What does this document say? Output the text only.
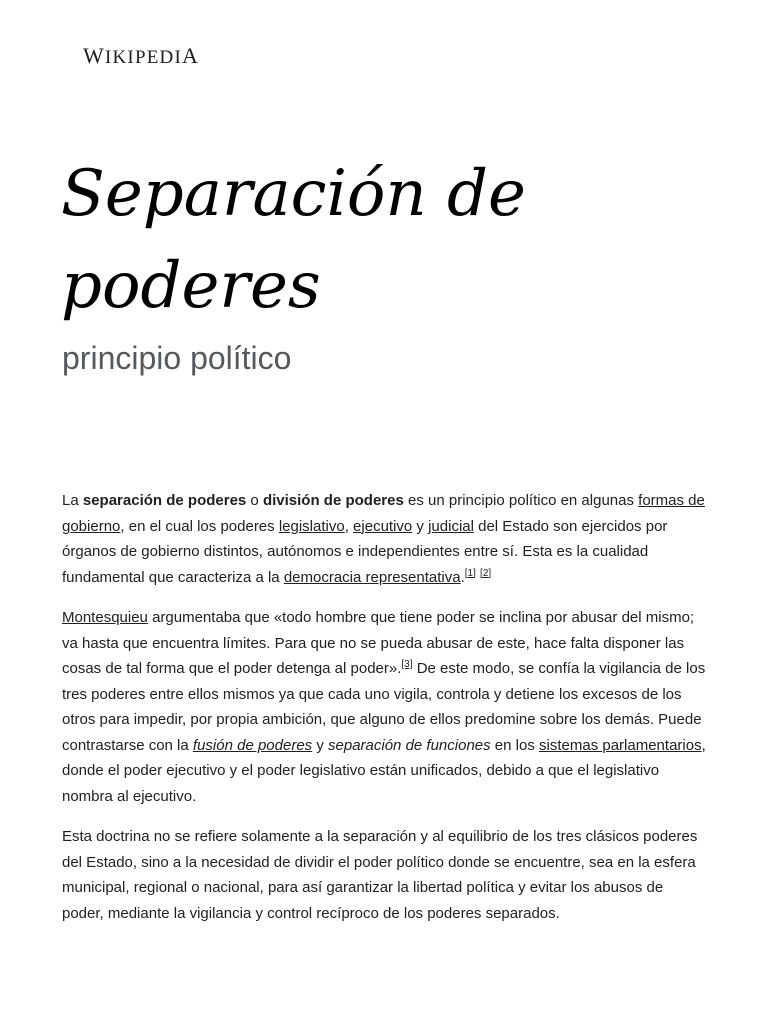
WIKIPEDIA
Separación de
poderes
principio político

La separación de poderes o división de poderes es un principio político en algunas formas de gobierno, en el cual los poderes legislativo, ejecutivo y judicial del Estado son ejercidos por órganos de gobierno distintos, autónomos e independientes entre sí. Esta es la cualidad fundamental que caracteriza a la democracia representativa.[1] [2]

Montesquieu argumentaba que «todo hombre que tiene poder se inclina por abusar del mismo; va hasta que encuentra límites. Para que no se pueda abusar de este, hace falta disponer las cosas de tal forma que el poder detenga al poder».[3] De este modo, se confía la vigilancia de los tres poderes entre ellos mismos ya que cada uno vigila, controla y detiene los excesos de los otros para impedir, por propia ambición, que alguno de ellos predomine sobre los demás. Puede contrastarse con la fusión de poderes y separación de funciones en los sistemas parlamentarios, donde el poder ejecutivo y el poder legislativo están unificados, debido a que el legislativo nombra al ejecutivo.

Esta doctrina no se refiere solamente a la separación y al equilibrio de los tres clásicos poderes del Estado, sino a la necesidad de dividir el poder político donde se encuentre, sea en la esfera municipal, regional o nacional, para así garantizar la libertad política y evitar los abusos de poder, mediante la vigilancia y control recíproco de los poderes separados.
